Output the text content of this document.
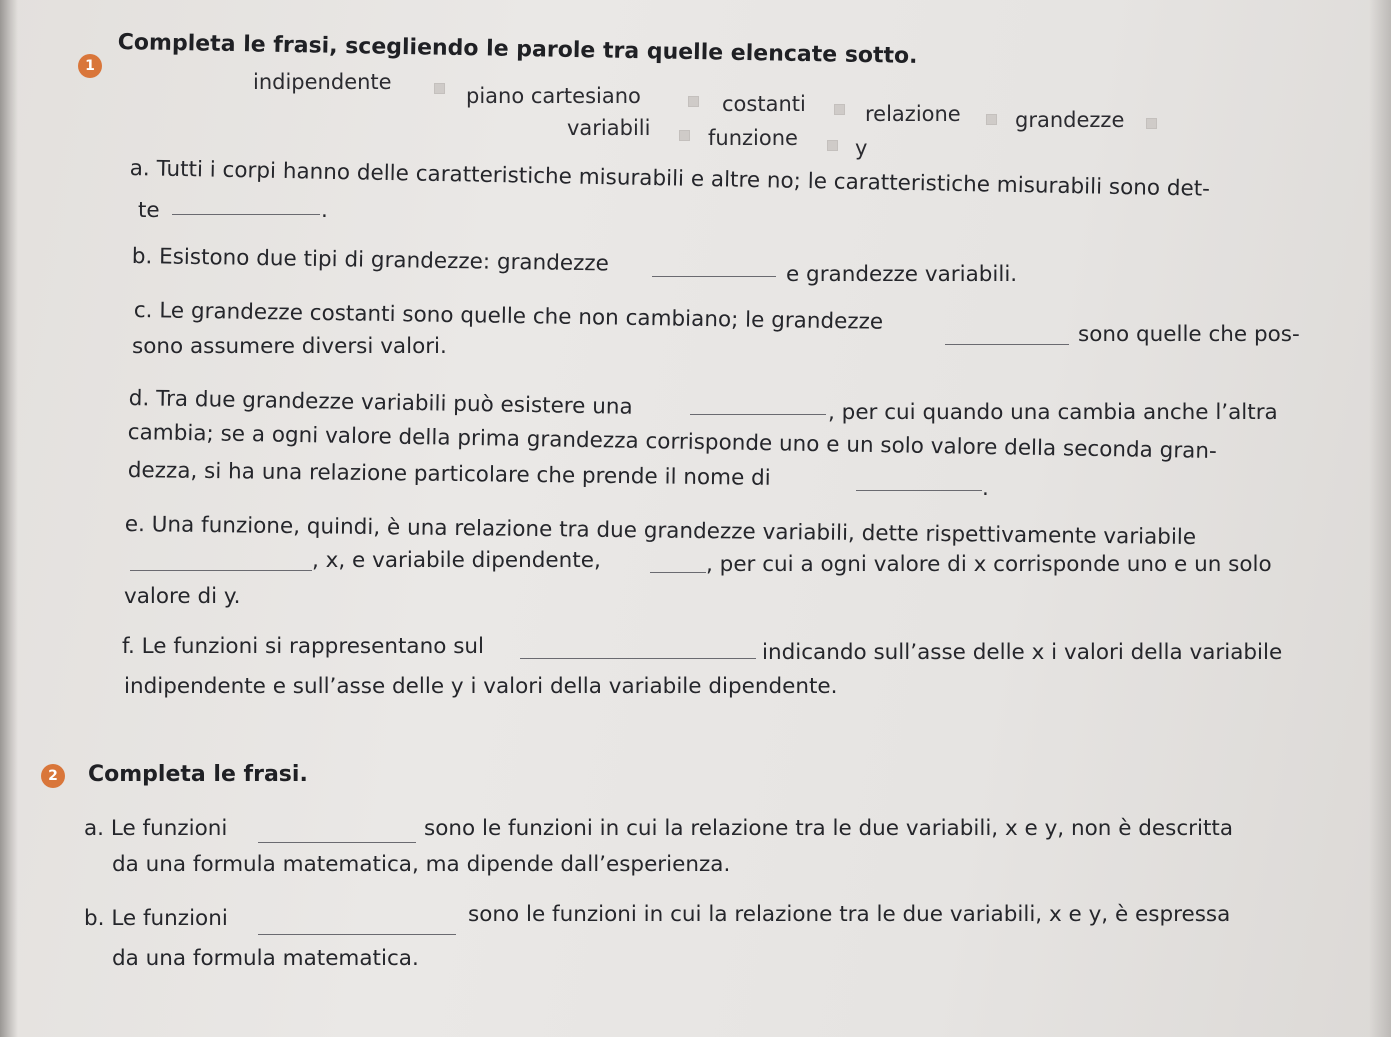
1	Completa le frasi, scegliendo le parole tra quelle elencate sotto.
indipendente
piano cartesiano	costanti	relazione	grandezze
variabili	funzione	y
a. Tutti i corpi hanno delle caratteristiche misurabili e altre no; le caratteristiche misurabili sono det-
te	.
b. Esistono due tipi di grandezze: grandezze	e grandezze variabili.
c. Le grandezze costanti sono quelle che non cambiano; le grandezze	sono quelle che pos-
sono assumere diversi valori.
d. Tra due grandezze variabili può esistere una	, per cui quando una cambia anche l’altra
cambia; se a ogni valore della prima grandezza corrisponde uno e un solo valore della seconda gran-
dezza, si ha una relazione particolare che prende il nome di	.
e. Una funzione, quindi, è una relazione tra due grandezze variabili, dette rispettivamente variabile
, x, e variabile dipendente,	, per cui a ogni valore di x corrisponde uno e un solo
valore di y.
f. Le funzioni si rappresentano sul	indicando sull’asse delle x i valori della variabile
indipendente e sull’asse delle y i valori della variabile dipendente.
2	Completa le frasi.
a. Le funzioni	sono le funzioni in cui la relazione tra le due variabili, x e y, non è descritta
da una formula matematica, ma dipende dall’esperienza.
b. Le funzioni	sono le funzioni in cui la relazione tra le due variabili, x e y, è espressa
da una formula matematica.
